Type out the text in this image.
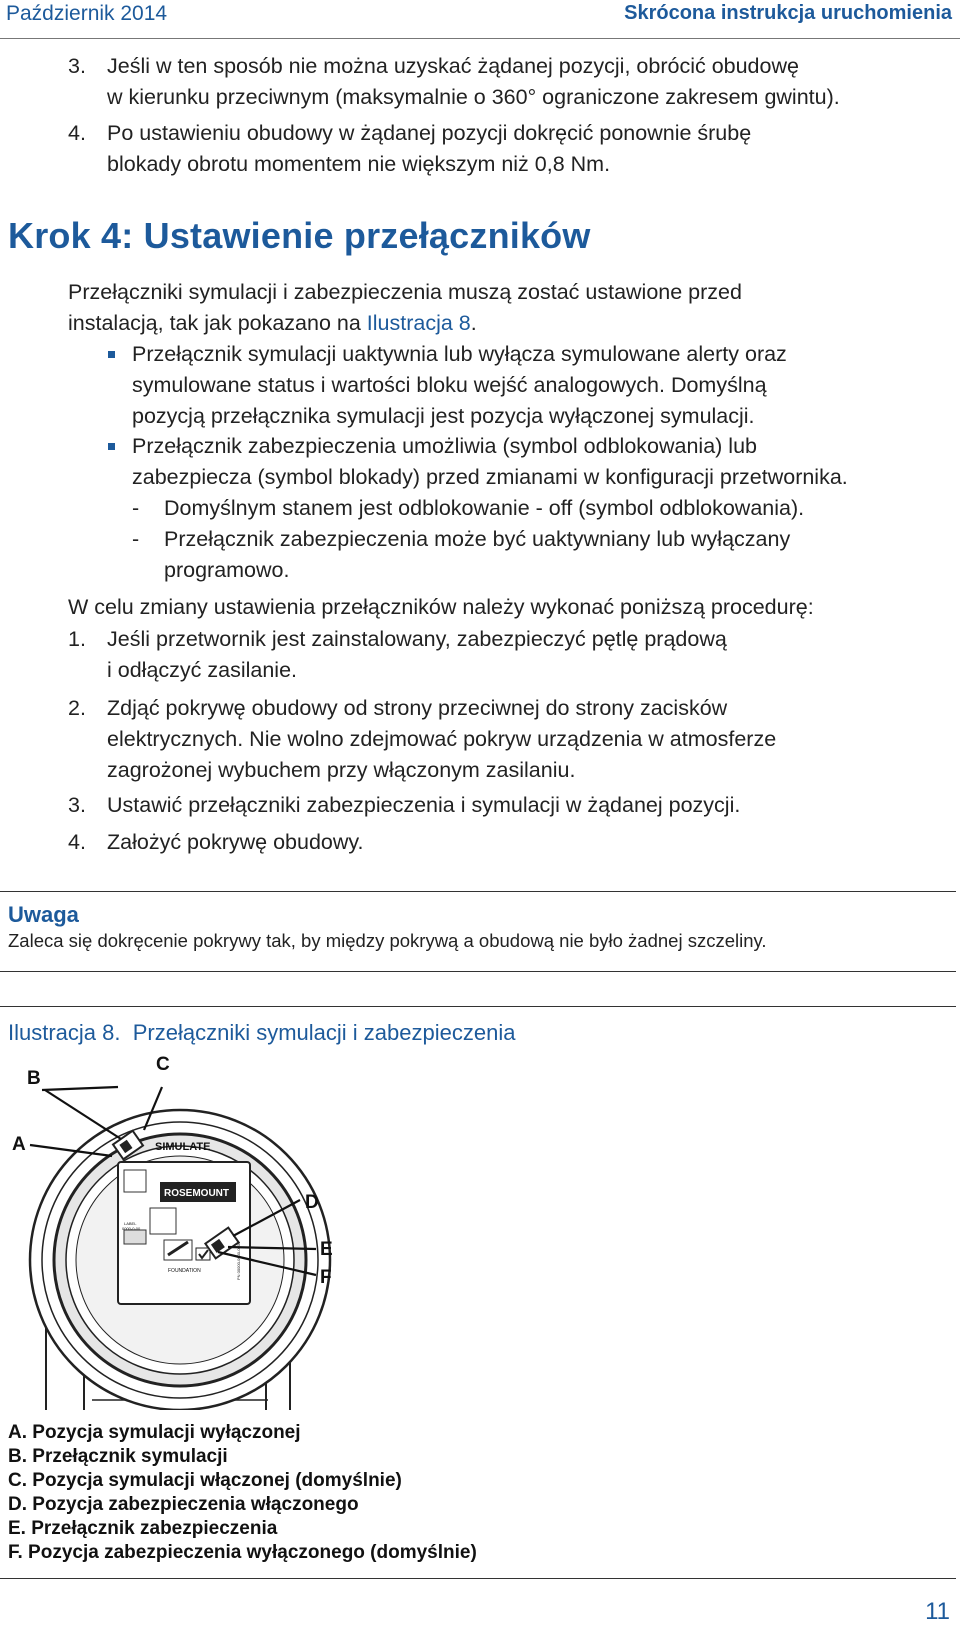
Październik 2014	Skrócona instrukcja uruchomienia
3. Jeśli w ten sposób nie można uzyskać żądanej pozycji, obrócić obudowę
w kierunku przeciwnym (maksymalnie o 360° ograniczone zakresem gwintu).
4. Po ustawieniu obudowy w żądanej pozycji dokręcić ponownie śrubę
blokady obrotu momentem nie większym niż 0,8 Nm.
Krok 4: Ustawienie przełączników
Przełączniki symulacji i zabezpieczenia muszą zostać ustawione przed
instalacją, tak jak pokazano na Ilustracja 8.
Przełącznik symulacji uaktywnia lub wyłącza symulowane alerty oraz
symulowane status i wartości bloku wejść analogowych. Domyślną
pozycją przełącznika symulacji jest pozycja wyłączonej symulacji.
Przełącznik zabezpieczenia umożliwia (symbol odblokowania) lub
zabezpiecza (symbol blokady) przed zmianami w konfiguracji przetwornika.
- Domyślnym stanem jest odblokowanie - off (symbol odblokowania).
- Przełącznik zabezpieczenia może być uaktywniany lub wyłączany
programowo.
W celu zmiany ustawienia przełączników należy wykonać poniższą procedurę:
1. Jeśli przetwornik jest zainstalowany, zabezpieczyć pętlę prądową
i odłączyć zasilanie.
2. Zdjąć pokrywę obudowy od strony przeciwnej do strony zacisków
elektrycznych. Nie wolno zdejmować pokryw urządzenia w atmosferze
zagrożonej wybuchem przy włączonym zasilaniu.
3. Ustawić przełączniki zabezpieczenia i symulacji w żądanej pozycji.
4. Założyć pokrywę obudowy.
Uwaga
Zaleca się dokręcenie pokrywy tak, by między pokrywą a obudową nie było żadnej szczeliny.
Ilustracja 8. Przełączniki symulacji i zabezpieczenia
SIMULATE
ROSEMOUNT
FOUNDATION
LABEL
0000-0-00
PN 00000-0000-0000
A
B
C
D
E
F
A. Pozycja symulacji wyłączonej
B. Przełącznik symulacji
C. Pozycja symulacji włączonej (domyślnie)
D. Pozycja zabezpieczenia włączonego
E. Przełącznik zabezpieczenia
F. Pozycja zabezpieczenia wyłączonego (domyślnie)
11
